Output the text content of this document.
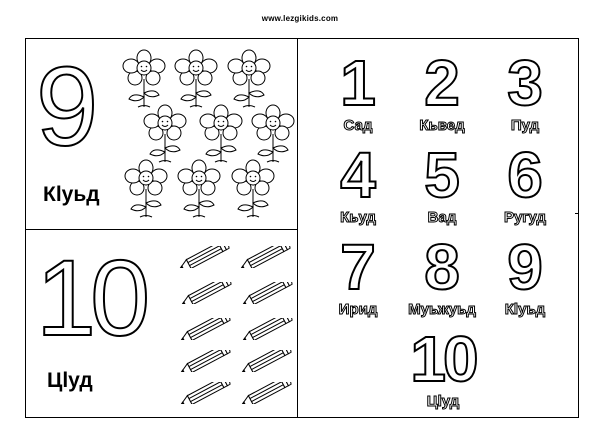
www.lezgikids.com
9
Кlуьд
10
Цlуд
1
Сад
2
Кьвед
3
Пуд
4
Кьуд
5
Вад
6
Ругуд
7
Ирид
8
Муьжуьд
9
Кlуьд
10
Цlуд
